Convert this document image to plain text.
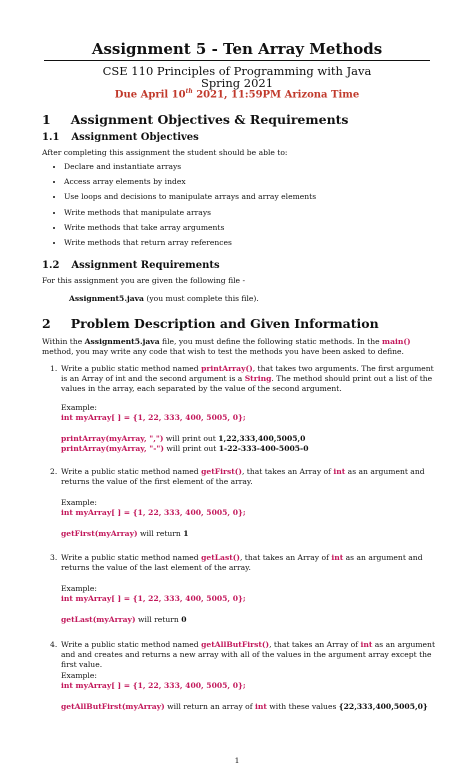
Assignment 5 - Ten Array Methods
CSE 110 Principles of Programming with Java
Spring 2021
Due April 10th 2021, 11:59PM Arizona Time
1 Assignment Objectives & Requirements
1.1 Assignment Objectives
After completing this assignment the student should be able to:
• Declare and instantiate arrays
• Access array elements by index
• Use loops and decisions to manipulate arrays and array elements
• Write methods that manipulate arrays
• Write methods that take array arguments
• Write methods that return array references
1.2 Assignment Requirements
For this assignment you are given the following file -
Assignment5.java (you must complete this file).
2 Problem Description and Given Information
Within the Assignment5.java file, you must define the following static methods. In the main() method, you may write any code that wish to test the methods you have been asked to define.
1. Write a public static method named printArray(), that takes two arguments. The first argument is an Array of int and the second argument is a String. The method should print out a list of the values in the array, each separated by the value of the second argument.
Example:
int myArray[ ] = {1, 22, 333, 400, 5005, 0};
printArray(myArray, ",") will print out 1,22,333,400,5005,0
printArray(myArray, "-") will print out 1-22-333-400-5005-0
2. Write a public static method named getFirst(), that takes an Array of int as an argument and returns the value of the first element of the array.
Example:
int myArray[ ] = {1, 22, 333, 400, 5005, 0};
getFirst(myArray) will return 1
3. Write a public static method named getLast(), that takes an Array of int as an argument and returns the value of the last element of the array.
Example:
int myArray[ ] = {1, 22, 333, 400, 5005, 0};
getLast(myArray) will return 0
4. Write a public static method named getAllButFirst(), that takes an Array of int as an argument and and creates and returns a new array with all of the values in the argument array except the first value.
Example:
int myArray[ ] = {1, 22, 333, 400, 5005, 0};
getAllButFirst(myArray) will return an array of int with these values {22,333,400,5005,0}
1
